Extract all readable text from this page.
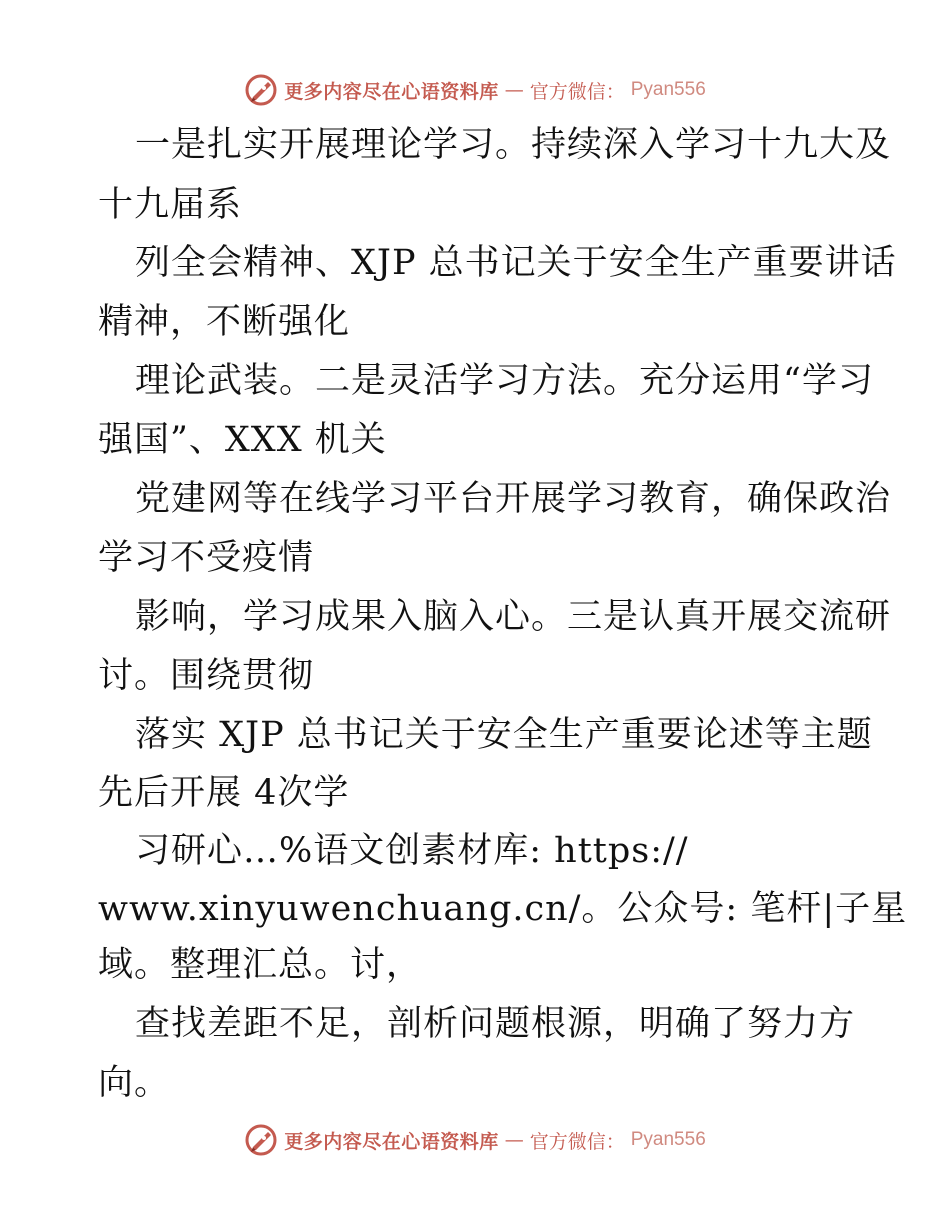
更多内容尽在心语资料库 — 官方微信： Pyan556
一是扎实开展理论学习。持续深入学习十九大及
十九届系
列全会精神、XJP 总书记关于安全生产重要讲话
精神，不断强化
理论武装。二是灵活学习方法。充分运用“学习
强国”、XXX 机关
党建网等在线学习平台开展学习教育，确保政治
学习不受疫情
影响，学习成果入脑入心。三是认真开展交流研
讨。围绕贯彻
落实 XJP 总书记关于安全生产重要论述等主题
先后开展 4次学
习研心…%语文创素材库: https://
www.xinyuwenchuang.cn/。公众号: 笔杆|子星
域。整理汇总。讨，
查找差距不足，剖析问题根源，明确了努力方
向。
更多内容尽在心语资料库 — 官方微信： Pyan556
